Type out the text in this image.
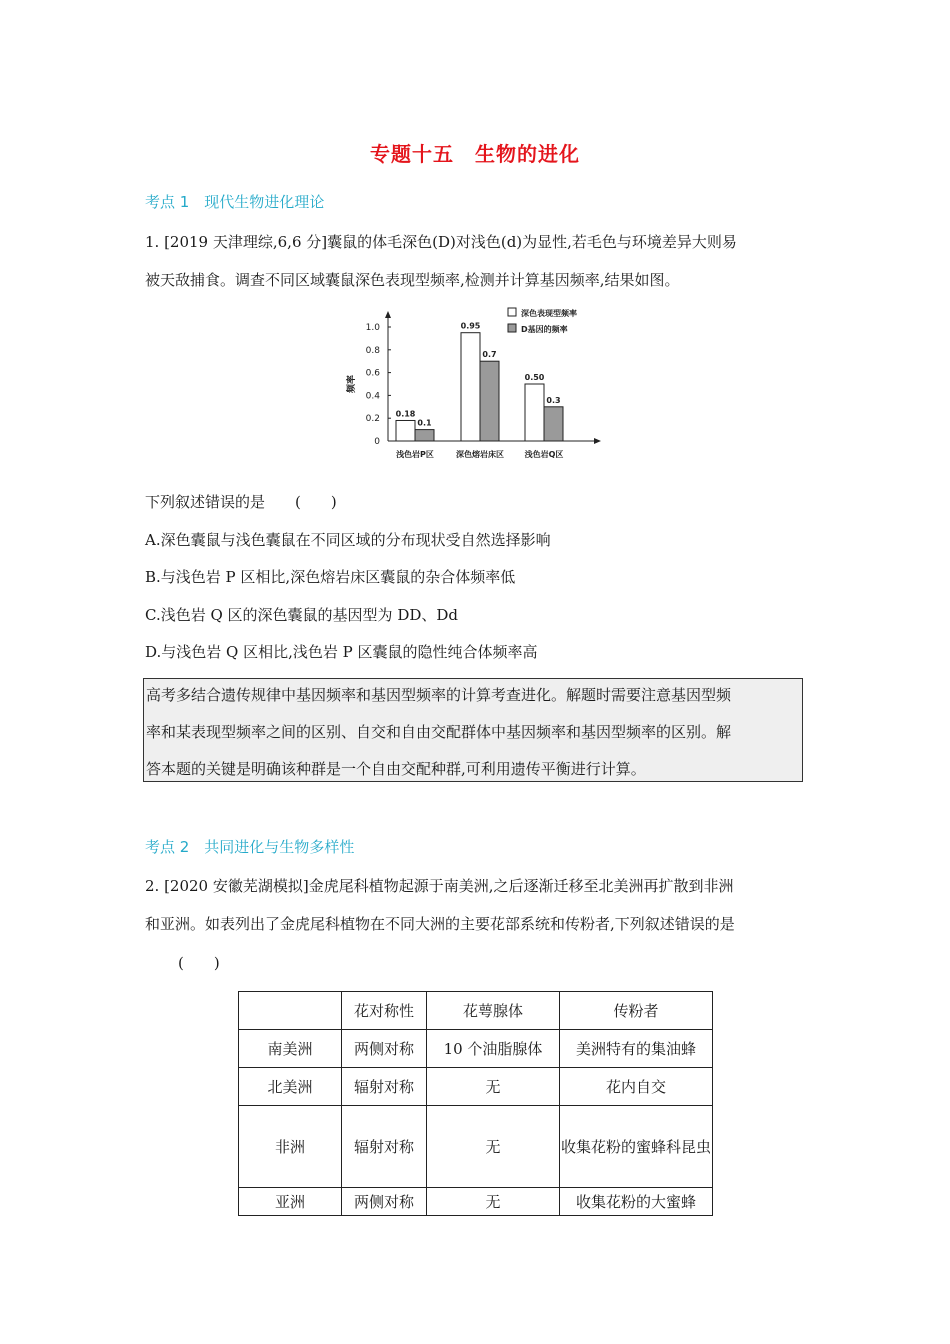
专题十五　生物的进化
考点 1　现代生物进化理论
1. [2019 天津理综,6,6 分]囊鼠的体毛深色(D)对浅色(d)为显性,若毛色与环境差异大则易
被天敌捕食。调查不同区域囊鼠深色表现型频率,检测并计算基因频率,结果如图。
0
0.2
0.4
0.6
0.8
1.0
频率
0.18
0.1
浅色岩P区
0.95
0.7
深色熔岩床区
0.50
0.3
浅色岩Q区
深色表现型频率
D基因的频率
下列叙述错误的是　　(　　)
A.深色囊鼠与浅色囊鼠在不同区域的分布现状受自然选择影响
B.与浅色岩 P 区相比,深色熔岩床区囊鼠的杂合体频率低
C.浅色岩 Q 区的深色囊鼠的基因型为 DD、Dd
D.与浅色岩 Q 区相比,浅色岩 P 区囊鼠的隐性纯合体频率高
高考多结合遗传规律中基因频率和基因型频率的计算考查进化。解题时需要注意基因型频
率和某表现型频率之间的区别、自交和自由交配群体中基因频率和基因型频率的区别。解
答本题的关键是明确该种群是一个自由交配种群,可利用遗传平衡进行计算。
考点 2　共同进化与生物多样性
2. [2020 安徽芜湖模拟]金虎尾科植物起源于南美洲,之后逐渐迁移至北美洲再扩散到非洲
和亚洲。如表列出了金虎尾科植物在不同大洲的主要花部系统和传粉者,下列叙述错误的是
(　　)
	花对称性	花萼腺体	传粉者
南美洲	两侧对称	10 个油脂腺体	美洲特有的集油蜂
北美洲	辐射对称	无	花内自交
非洲	辐射对称	无	收集花粉的蜜蜂科昆虫
亚洲	两侧对称	无	收集花粉的大蜜蜂
